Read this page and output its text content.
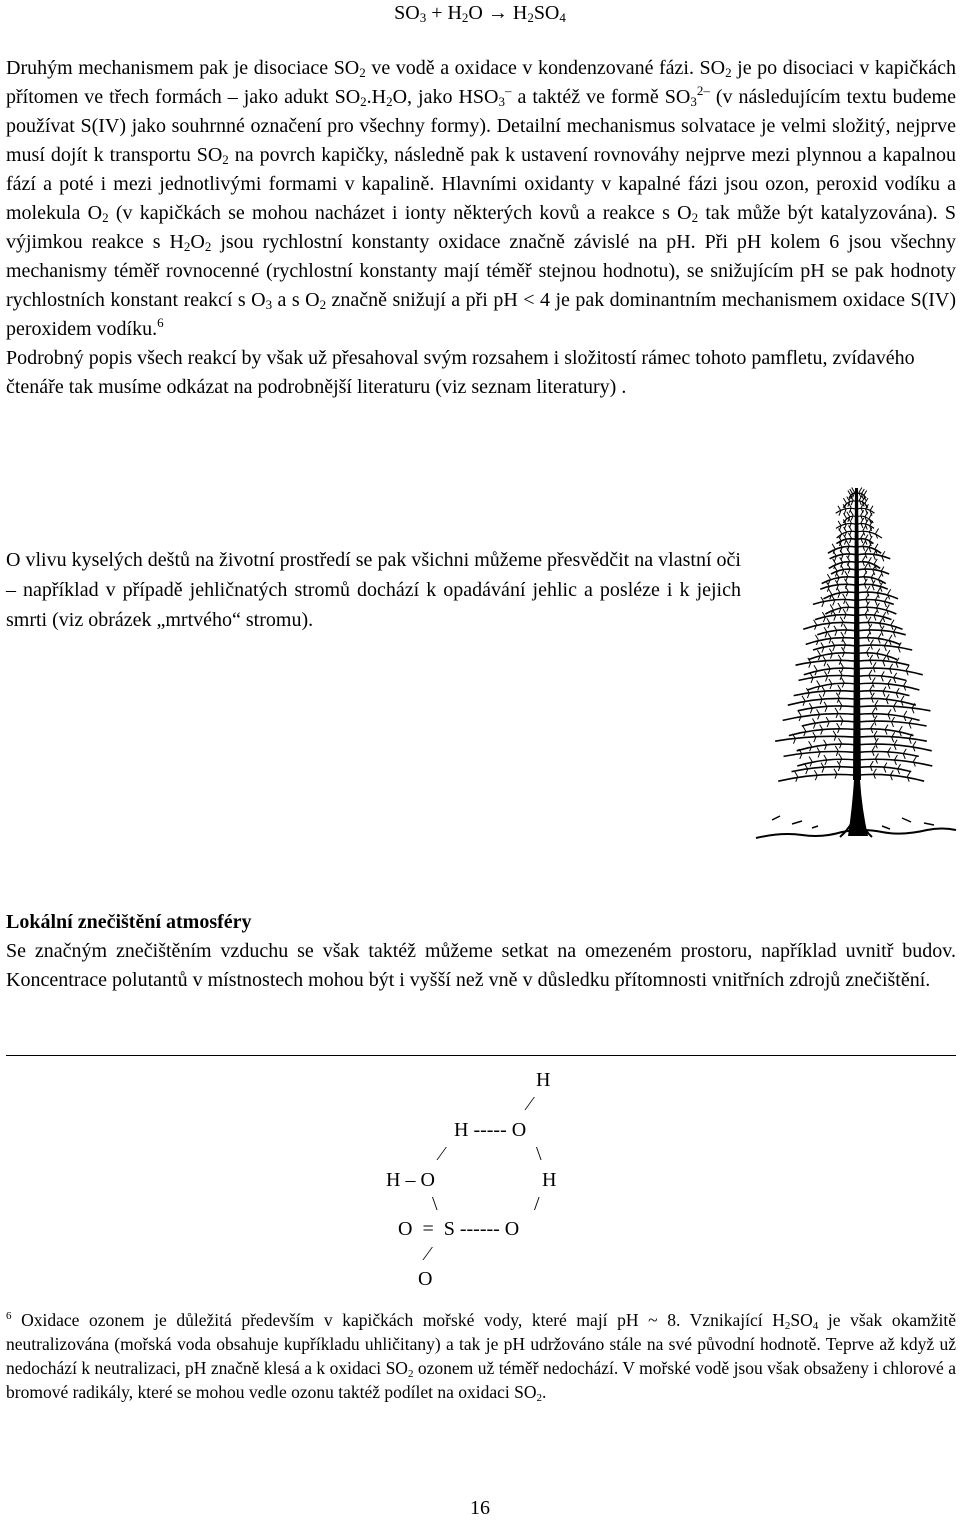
$SO_3 + H_2O \to H_2SO_4$

Druhým mechanismem pak je disociace $SO_2$ ve vodě a oxidace v kondenzované fázi. $SO_2$ je po disociaci v kapičkách přítomen ve třech formách – jako adukt $SO_2.H_2O$, jako $HSO_3^-$ a taktéž ve formě $SO_3^{2-}$ (v následujícím textu budeme používat S(IV) jako souhrnné označení pro všechny formy). Detailní mechanismus solvatace je velmi složitý, nejprve musí dojít k transportu $SO_2$ na povrch kapičky, následně pak k ustavení rovnováhy nejprve mezi plynnou a kapalnou fází a poté i mezi jednotlivými formami v kapalině. Hlavními oxidanty v kapalné fázi jsou ozon, peroxid vodíku a molekula $O_2$ (v kapičkách se mohou nacházet i ionty některých kovů a reakce s $O_2$ tak může být katalyzována). S výjimkou reakce s $H_2O_2$ jsou rychlostní konstanty oxidace značně závislé na pH. Při pH kolem 6 jsou všechny mechanismy téměř rovnocenné (rychlostní konstanty mají téměř stejnou hodnotu), se snižujícím pH se pak hodnoty rychlostních konstant reakcí s $O_3$ a s $O_2$ značně snižují a při pH < 4 je pak dominantním mechanismem oxidace S(IV) peroxidem vodíku.$^6$

Podrobný popis všech reakcí by však už přesahoval svým rozsahem i složitostí rámec tohoto pamfletu, zvídavého čtenáře tak musíme odkázat na podrobnější literaturu (viz seznam literatury) .

O vlivu kyselých deštů na životní prostředí se pak všichni můžeme přesvědčit na vlastní oči – například v případě jehličnatých stromů dochází k opadávání jehlic a posléze i k jejich smrti (viz obrázek „mrtvého“ stromu).
Lokální znečištění atmosféry
Se značným znečištěním vzduchu se však taktéž můžeme setkat na omezeném prostoru, například uvnitř budov. Koncentrace polutantů v místnostech mohou být i vyšší než vně v důsledku přítomnosti vnitřních zdrojů znečištění.
H
⁄
H ----- O
⁄	\
H – O	H
\	/
O  =  S ------ O
⁄
O

$^6$ Oxidace ozonem je důležitá především v kapičkách mořské vody, které mají pH ~ 8. Vznikající $H_2SO_4$ je však okamžitě neutralizována (mořská voda obsahuje kupříkladu uhličitany) a tak je pH udržováno stále na své původní hodnotě. Teprve až když už nedochází k neutralizaci, pH značně klesá a k oxidaci $SO_2$ ozonem už téměř nedochází. V mořské vodě jsou však obsaženy i chlorové a bromové radikály, které se mohou vedle ozonu taktéž podílet na oxidaci $SO_2$.

16
